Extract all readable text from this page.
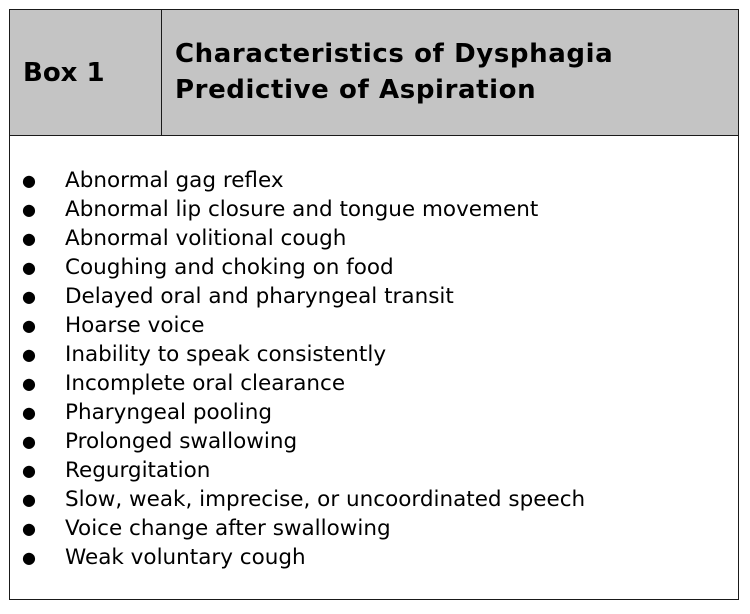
Box 1
Characteristics of Dysphagia
Predictive of Aspiration
● Abnormal gag reflex
● Abnormal lip closure and tongue movement
● Abnormal volitional cough
● Coughing and choking on food
● Delayed oral and pharyngeal transit
● Hoarse voice
● Inability to speak consistently
● Incomplete oral clearance
● Pharyngeal pooling
● Prolonged swallowing
● Regurgitation
● Slow, weak, imprecise, or uncoordinated speech
● Voice change after swallowing
● Weak voluntary cough
